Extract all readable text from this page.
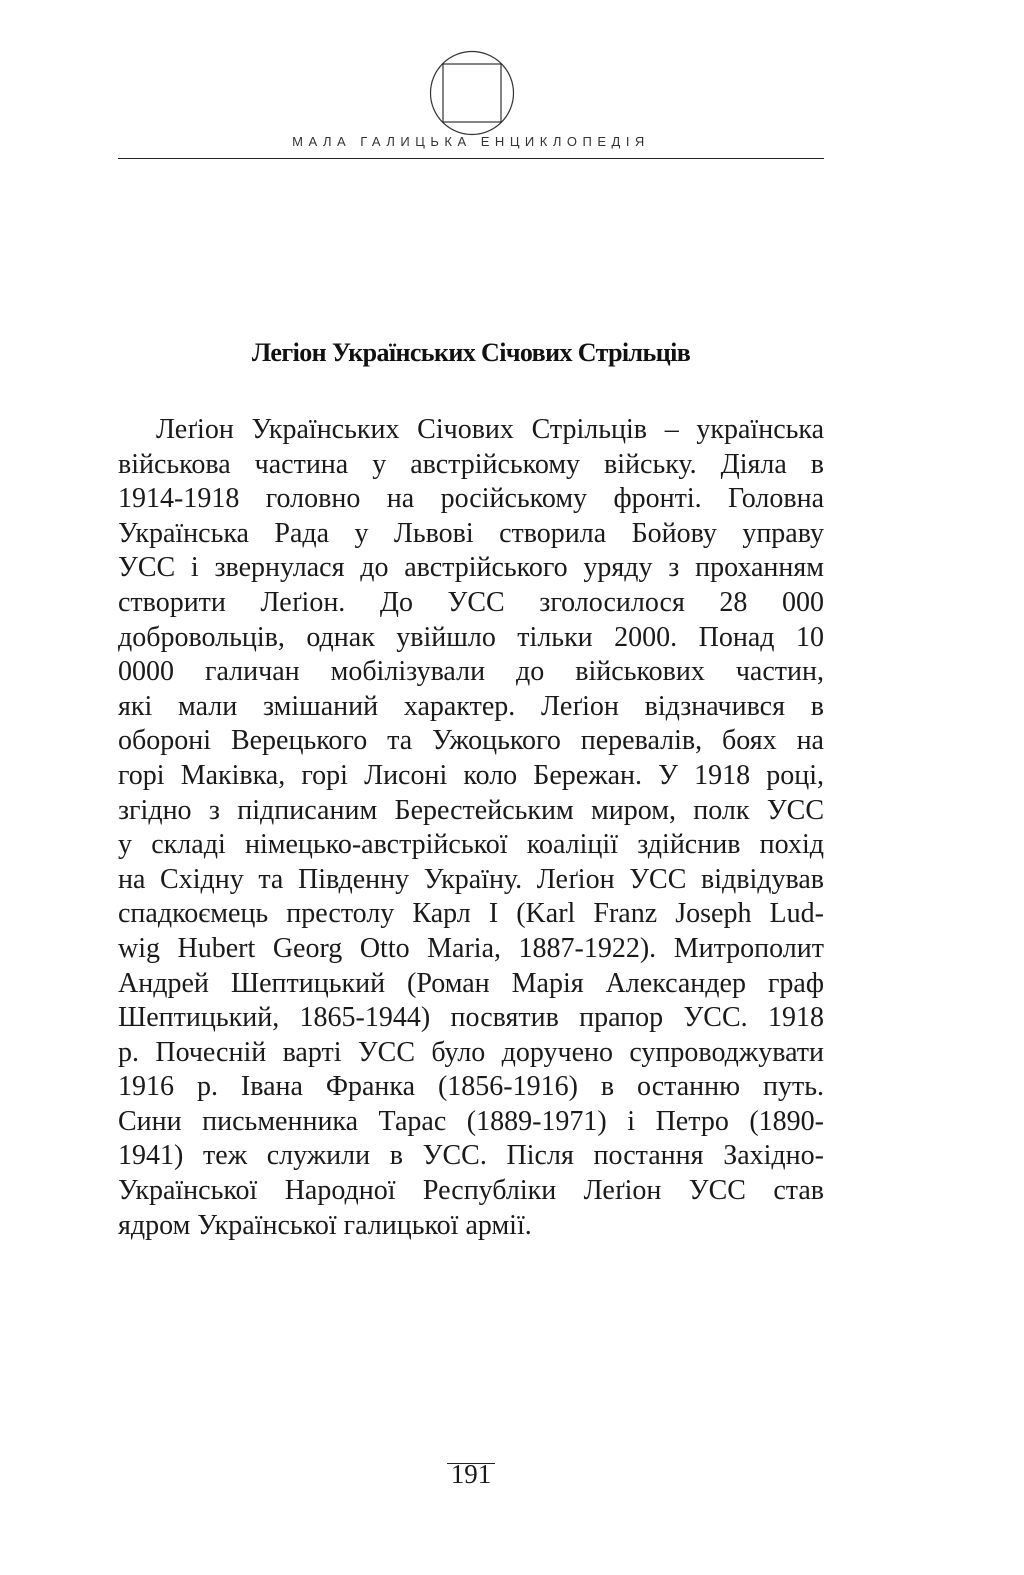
МАЛА ГАЛИЦЬКА ЕНЦИКЛОПЕДІЯ
Легіон Українських Січових Стрільців
Леґіон Українських Січових Стрільців – українська
військова частина у австрійському війську. Діяла в
1914-1918 головно на російському фронті. Головна
Українська Рада у Львові створила Бойову управу
УСС і звернулася до австрійського уряду з проханням
створити Леґіон. До УСС зголосилося 28 000
добровольців, однак увійшло тільки 2000. Понад 10
0000 галичан мобілізували до військових частин,
які мали змішаний характер. Леґіон відзначився в
обороні Верецького та Ужоцького перевалів, боях на
горі Маківка, горі Лисоні коло Бережан. У 1918 році,
згідно з підписаним Берестейським миром, полк УСС
у складі німецько-австрійської коаліції здійснив похід
на Східну та Південну Україну. Леґіон УСС відвідував
спадкоємець престолу Карл I (Karl Franz Joseph Lud-
wig Hubert Georg Otto Maria, 1887-1922). Митрополит
Андрей Шептицький (Роман Марія Александер граф
Шептицький, 1865-1944) посвятив прапор УСС. 1918
р. Почесній варті УСС було доручено супроводжувати
1916 р. Івана Франка (1856-1916) в останню путь.
Сини письменника Тарас (1889-1971) і Петро (1890-
1941) теж служили в УСС. Після постання Західно-
Української Народної Республіки Леґіон УСС став
ядром Української галицької армії.
191
